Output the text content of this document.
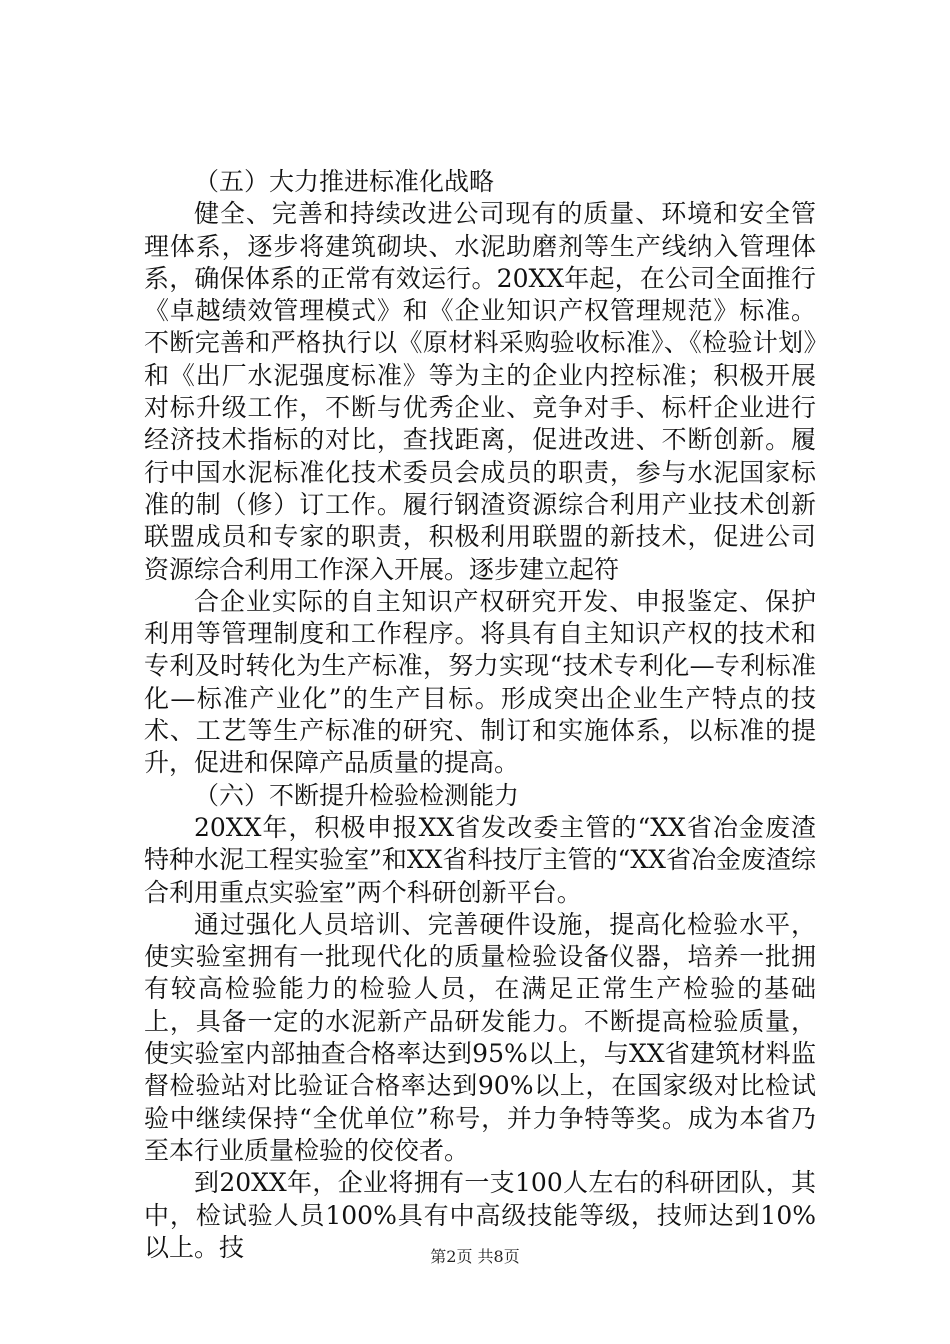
（五）大力推进标准化战略

健全、完善和持续改进公司现有的质量、环境和安全管理体系，逐步将建筑砌块、水泥助磨剂等生产线纳入管理体系，确保体系的正常有效运行。20XX年起，在公司全面推行《卓越绩效管理模式》和《企业知识产权管理规范》标准。不断完善和严格执行以《原材料采购验收标准》、《检验计划》和《出厂水泥强度标准》等为主的企业内控标准；积极开展对标升级工作，不断与优秀企业、竞争对手、标杆企业进行经济技术指标的对比，查找距离，促进改进、不断创新。履行中国水泥标准化技术委员会成员的职责，参与水泥国家标准的制（修）订工作。履行钢渣资源综合利用产业技术创新联盟成员和专家的职责，积极利用联盟的新技术，促进公司资源综合利用工作深入开展。逐步建立起符

合企业实际的自主知识产权研究开发、申报鉴定、保护利用等管理制度和工作程序。将具有自主知识产权的技术和专利及时转化为生产标准，努力实现“技术专利化—专利标准化—标准产业化”的生产目标。形成突出企业生产特点的技术、工艺等生产标准的研究、制订和实施体系，以标准的提升，促进和保障产品质量的提高。

（六）不断提升检验检测能力

20XX年，积极申报XX省发改委主管的“XX省冶金废渣特种水泥工程实验室”和XX省科技厅主管的“XX省冶金废渣综合利用重点实验室”两个科研创新平台。

通过强化人员培训、完善硬件设施，提高化检验水平，使实验室拥有一批现代化的质量检验设备仪器，培养一批拥有较高检验能力的检验人员，在满足正常生产检验的基础上，具备一定的水泥新产品研发能力。不断提高检验质量，使实验室内部抽查合格率达到95%以上，与XX省建筑材料监督检验站对比验证合格率达到90%以上，在国家级对比检试验中继续保持“全优单位”称号，并力争特等奖。成为本省乃至本行业质量检验的佼佼者。

到20XX年，企业将拥有一支100人左右的科研团队，其中，检试验人员100%具有中高级技能等级，技师达到10%以上。技	第2页 共8页
